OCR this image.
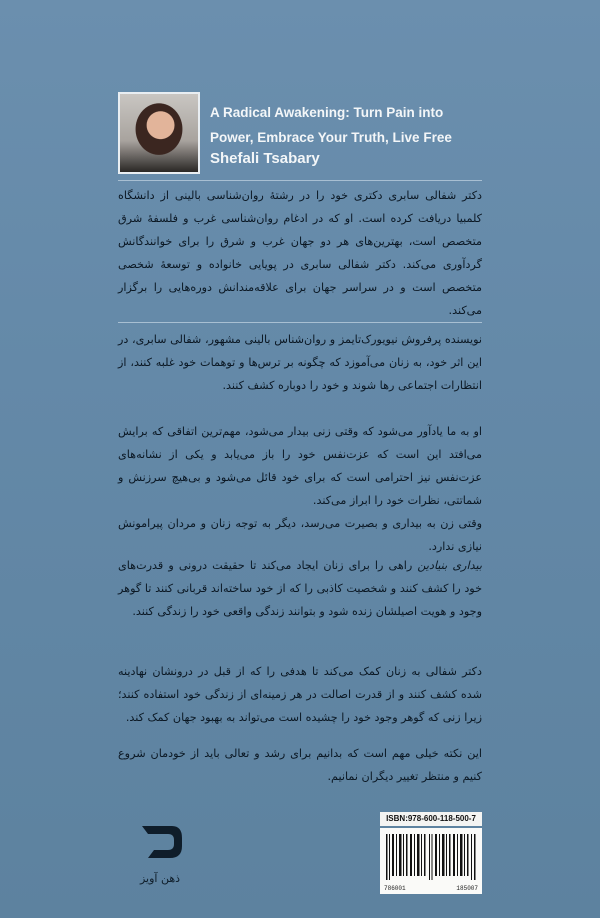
A Radical Awakening: Turn Pain into Power, Embrace Your Truth, Live Free
Shefali Tsabary

دکتر شفالی سابری دکتری خود را در رشتهٔ روان‌شناسی بالینی از دانشگاه کلمبیا دریافت کرده است. او که در ادغام روان‌شناسی غرب و فلسفهٔ شرق متخصص است، بهترین‌های هر دو جهان غرب و شرق را برای خوانندگانش گردآوری می‌کند. دکتر شفالی سابری در پویایی خانواده و توسعهٔ شخصی متخصص است و در سراسر جهان برای علاقه‌مندانش دوره‌هایی را برگزار می‌کند.

نویسنده پرفروش نیویورک‌تایمز و روان‌شناس بالینی مشهور، شفالی سابری، در این اثر خود، به زنان می‌آموزد که چگونه بر ترس‌ها و توهمات خود غلبه کنند، از انتظارات اجتماعی رها شوند و خود را دوباره کشف کنند.

او به ما یادآور می‌شود که وقتی زنی بیدار می‌شود، مهم‌ترین اتفاقی که برایش می‌افتد این است که عزت‌نفس خود را باز می‌یابد و یکی از نشانه‌های عزت‌نفس نیز احترامی است که برای خود قائل می‌شود و بی‌هیچ سرزنش و شماتتی، نظرات خود را ابراز می‌کند.

وقتی زن به بیداری و بصیرت می‌رسد، دیگر به توجه زنان و مردان پیرامونش نیازی ندارد.

بیداری بنیادین راهی را برای زنان ایجاد می‌کند تا حقیقت درونی و قدرت‌های خود را کشف کنند و شخصیت کاذبی را که از خود ساخته‌اند قربانی کنند تا گوهر وجود و هویت اصیلشان زنده شود و بتوانند زندگی واقعی خود را زندگی کنند.

دکتر شفالی به زنان کمک می‌کند تا هدفی را که از قبل در درونشان نهادینه شده کشف کنند و از قدرت اصالت در هر زمینه‌ای از زندگی خود استفاده کنند؛ زیرا زنی که گوهر وجود خود را چشیده است می‌تواند به بهبود جهان کمک کند.

این نکته خیلی مهم است که بدانیم برای رشد و تعالی باید از خودمان شروع کنیم و منتظر تغییر دیگران نمانیم.

ذهن آویز
ISBN:978-600-118-500-7
786001	185007
